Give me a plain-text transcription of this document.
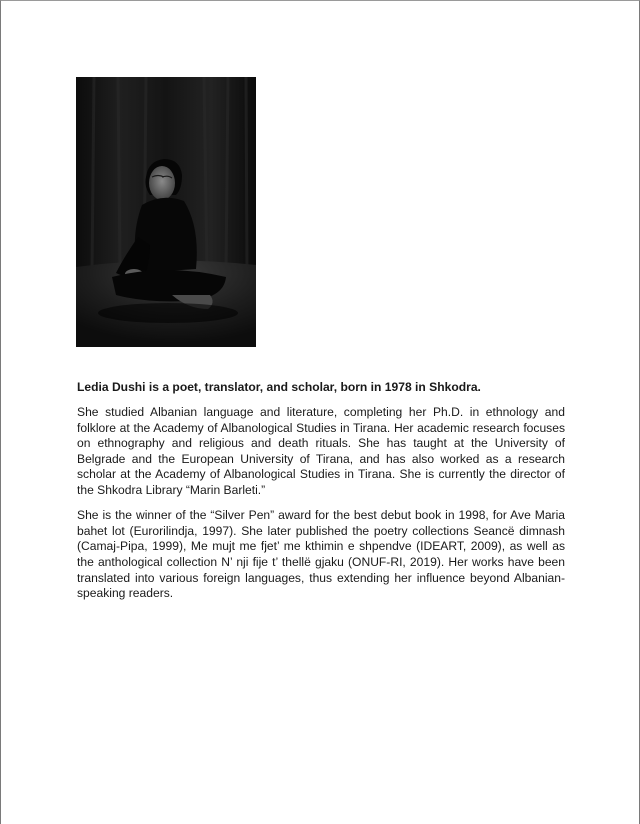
Ledia Dushi is a poet, translator, and scholar, born in 1978 in Shkodra.

She studied Albanian language and literature, completing her Ph.D. in ethnology and folklore at the Academy of Albanological Studies in Tirana. Her academic research focuses on ethnography and religious and death rituals. She has taught at the University of Belgrade and the European University of Tirana, and has also worked as a research scholar at the Academy of Albanological Studies in Tirana. She is currently the director of the Shkodra Library “Marin Barleti.”

She is the winner of the “Silver Pen” award for the best debut book in 1998, for Ave Maria bahet lot (Eurorilindja, 1997). She later published the poetry collections Seancë dimnash (Camaj-Pipa, 1999), Me mujt me fjet’ me kthimin e shpendve (IDEART, 2009), as well as the anthological collection N’ nji fije t’ thellë gjaku (ONUF-RI, 2019). Her works have been translated into various foreign languages, thus extending her influence beyond Albanian-speaking readers.
